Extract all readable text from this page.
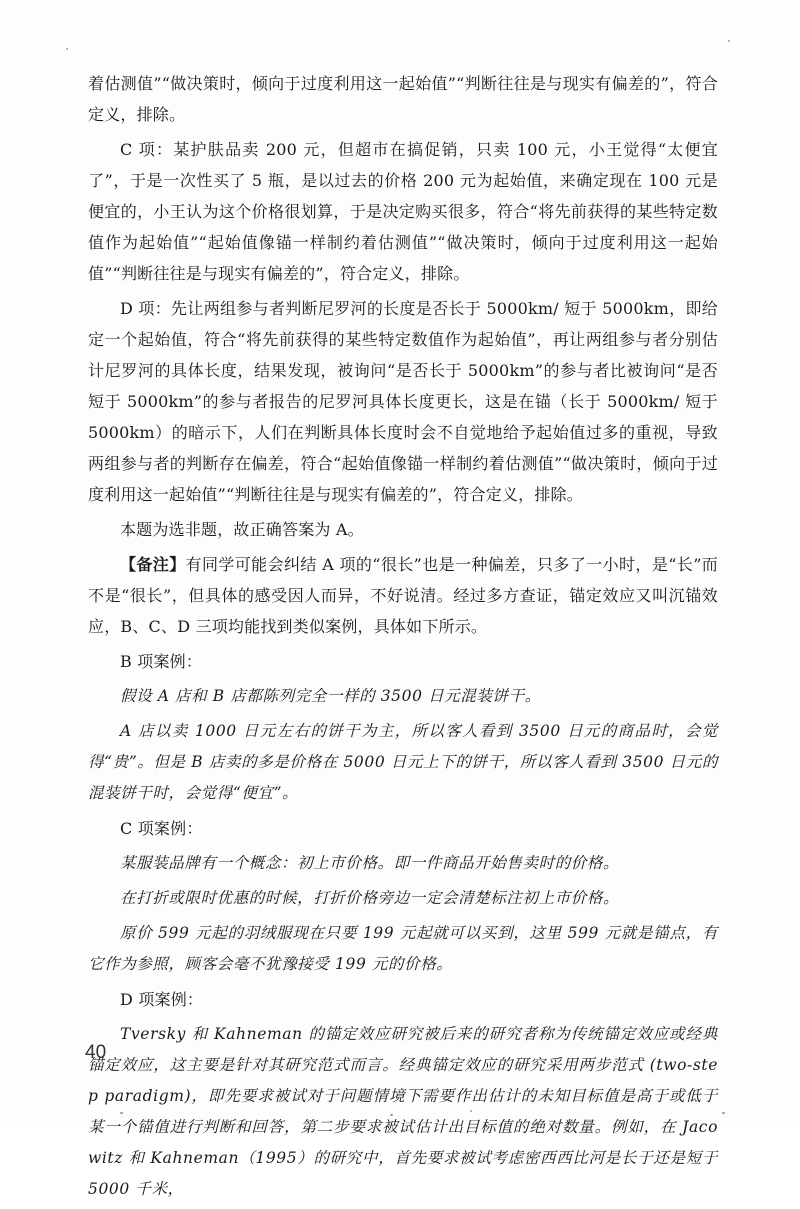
着估测值”“做决策时，倾向于过度利用这一起始值”“判断往往是与现实有偏差的”，符合定义，排除。

C 项：某护肤品卖 200 元，但超市在搞促销，只卖 100 元，小王觉得“太便宜了”，于是一次性买了 5 瓶，是以过去的价格 200 元为起始值，来确定现在 100 元是便宜的，小王认为这个价格很划算，于是决定购买很多，符合“将先前获得的某些特定数值作为起始值”“起始值像锚一样制约着估测值”“做决策时，倾向于过度利用这一起始值”“判断往往是与现实有偏差的”，符合定义，排除。

D 项：先让两组参与者判断尼罗河的长度是否长于 5000km/ 短于 5000km，即给定一个起始值，符合“将先前获得的某些特定数值作为起始值”，再让两组参与者分别估计尼罗河的具体长度，结果发现，被询问“是否长于 5000km”的参与者比被询问“是否短于 5000km”的参与者报告的尼罗河具体长度更长，这是在锚（长于 5000km/ 短于 5000km）的暗示下，人们在判断具体长度时会不自觉地给予起始值过多的重视，导致两组参与者的判断存在偏差，符合“起始值像锚一样制约着估测值”“做决策时，倾向于过度利用这一起始值”“判断往往是与现实有偏差的”，符合定义，排除。

本题为选非题，故正确答案为 A。

【备注】有同学可能会纠结 A 项的“很长”也是一种偏差，只多了一小时，是“长”而不是“很长”，但具体的感受因人而异，不好说清。经过多方查证，锚定效应又叫沉锚效应，B、C、D 三项均能找到类似案例，具体如下所示。

B 项案例：

假设 A 店和 B 店都陈列完全一样的 3500 日元混装饼干。

A 店以卖 1000 日元左右的饼干为主，所以客人看到 3500 日元的商品时，会觉得“贵”。但是 B 店卖的多是价格在 5000 日元上下的饼干，所以客人看到 3500 日元的混装饼干时，会觉得“便宜”。

C 项案例：

某服装品牌有一个概念：初上市价格。即一件商品开始售卖时的价格。

在打折或限时优惠的时候，打折价格旁边一定会清楚标注初上市价格。

原价 599 元起的羽绒服现在只要 199 元起就可以买到，这里 599 元就是锚点，有它作为参照，顾客会毫不犹豫接受 199 元的价格。

D 项案例：

Tversky 和 Kahneman 的锚定效应研究被后来的研究者称为传统锚定效应或经典锚定效应，这主要是针对其研究范式而言。经典锚定效应的研究采用两步范式 (two-step paradigm)，即先要求被试对于问题情境下需要作出估计的未知目标值是高于或低于某一个锚值进行判断和回答，第二步要求被试估计出目标值的绝对数量。例如，在 Jacowitz 和 Kahneman（1995）的研究中，首先要求被试考虑密西西比河是长于还是短于 5000 千米，

40
